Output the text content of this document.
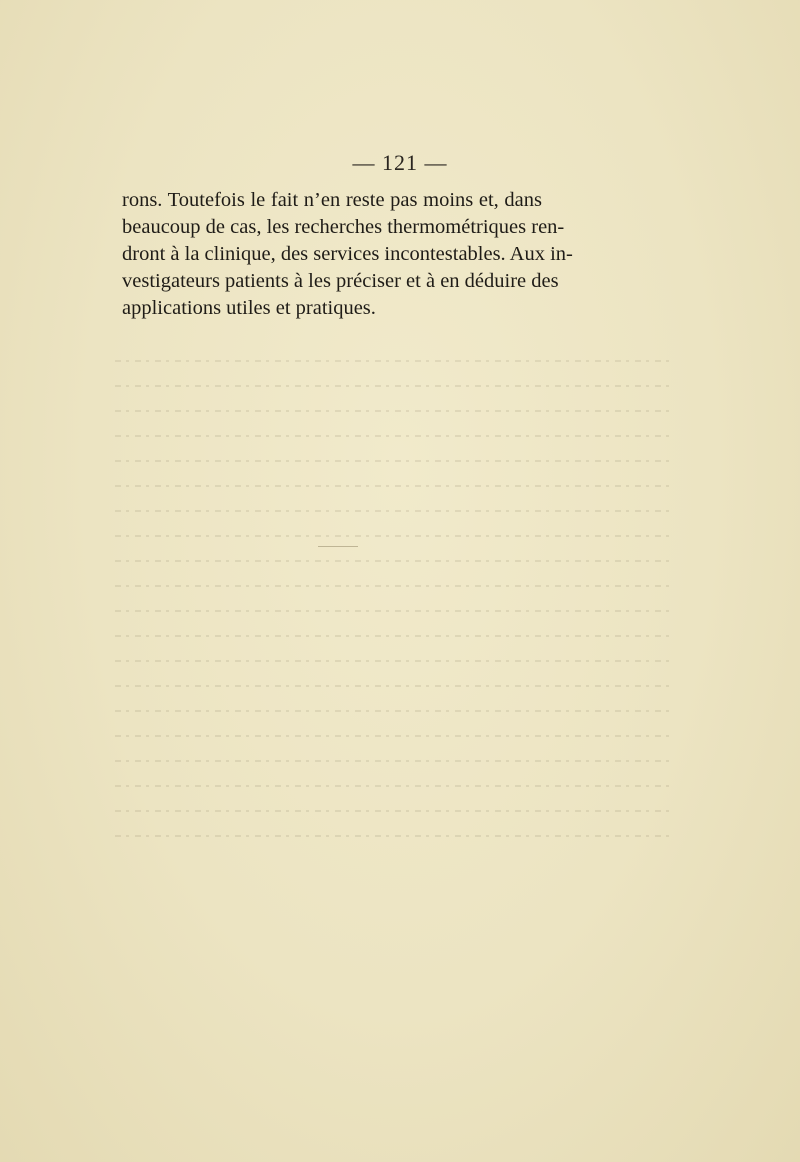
— 121 —
rons. Toutefois le fait n’en reste pas moins et, dans
beaucoup de cas, les recherches thermométriques ren-
dront à la clinique, des services incontestables. Aux in-
vestigateurs patients à les préciser et à en déduire des
applications utiles et pratiques.
